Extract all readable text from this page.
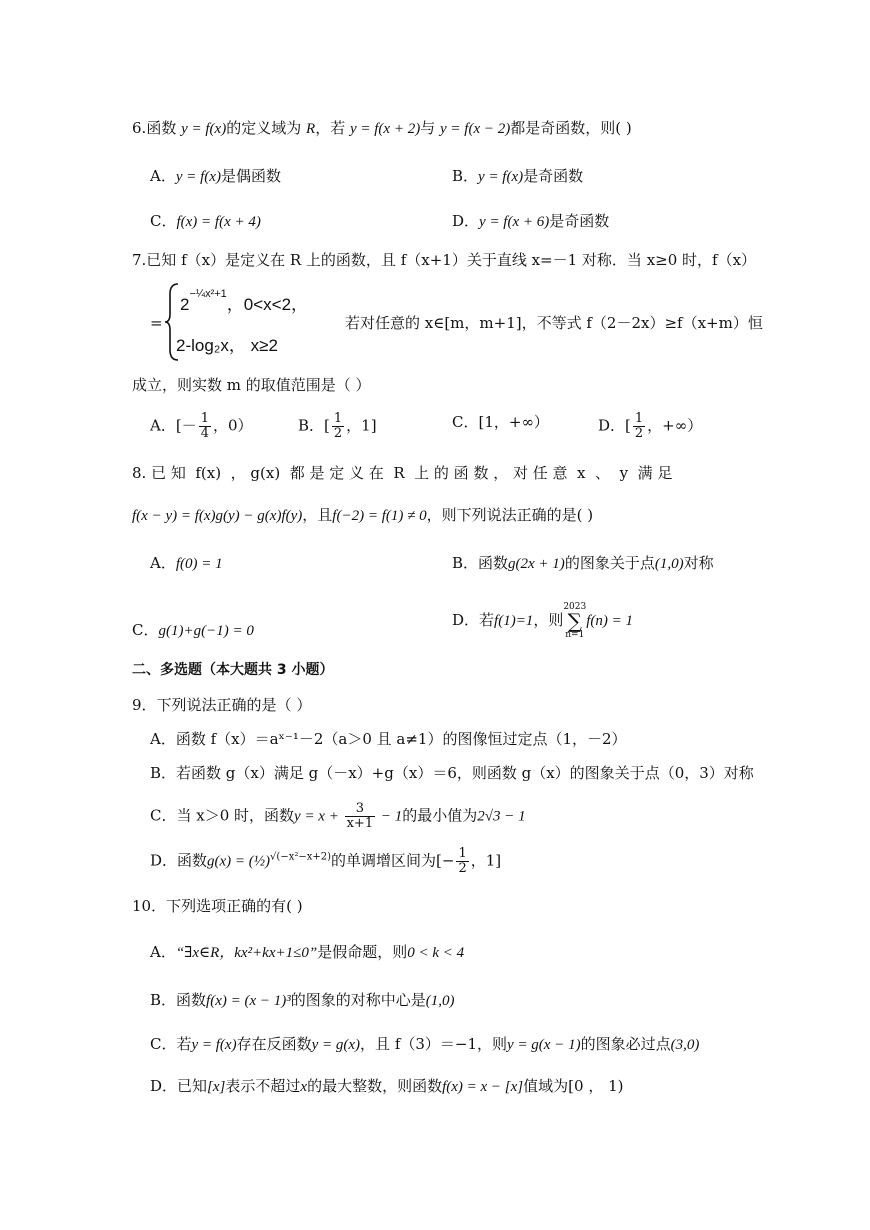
6.函数 y = f(x)的定义域为 R，若 y = f(x + 2)与 y = f(x − 2)都是奇函数，则( )
A．y = f(x)是偶函数	B．y = f(x)是奇函数
C．f(x) = f(x + 4)	D．y = f(x + 6)是奇函数
7.已知 f（x）是定义在 R 上的函数，且 f（x+1）关于直线 x=－1 对称．当 x≥0 时，f（x）
=
$2^{-\frac{1}{4}x^2+1}$，0<x<2，
2-log₂x， x≥2
若对任意的 x∈[m，m+1]，不等式 f（2－2x）≥f（x+m）恒
成立，则实数 m 的取值范围是（ ）
A．[－ $\frac{1}{4}$ ，0）	B．[ $\frac{1}{2}$ ，1]	C．[1，+∞）	D．[ $\frac{1}{2}$ ，+∞）
8. 已 知  f(x)  ， g(x)  都 是 定 义 在  R  上 的 函 数 ， 对 任 意  x  、  y  满 足
f(x − y) = f(x)g(y) − g(x)f(y)，且f(−2) = f(1) ≠ 0，则下列说法正确的是( )
A．f(0) = 1	B．函数g(2x + 1)的图象关于点(1,0)对称
C．g(1)+g(−1) = 0
D．若f(1)=1，则2023
∑
n=1f(n) = 1
二、多选题（本大题共 3 小题）
9．下列说法正确的是（ ）
A．函数 f（x）＝aˣ⁻¹－2（a＞0 且 a≠1）的图像恒过定点（1，－2）
B．若函数 g（x）满足 g（－x）+g（x）＝6，则函数 g（x）的图象关于点（0，3）对称
C．当 x＞0 时，函数$y = x + \frac{3}{x+1} - 1$的最小值为2√3 − 1
D．函数g(x) = (½)$^{√(-x^2-x+2)}$的单调增区间为[− $\frac{1}{2}$ ，1]
10．下列选项正确的有( )
A．“∃x∈R，kx²+kx+1≤0”是假命题，则0 < k < 4
B．函数f(x) = (x − 1)³的图象的对称中心是(1,0)
C．若y = f(x)存在反函数y = g(x)，且 f（3）＝−1，则y = g(x − 1)的图象必过点(3,0)
D．已知[x]表示不超过x的最大整数，则函数f(x) = x − [x]值域为[0 ， 1)
